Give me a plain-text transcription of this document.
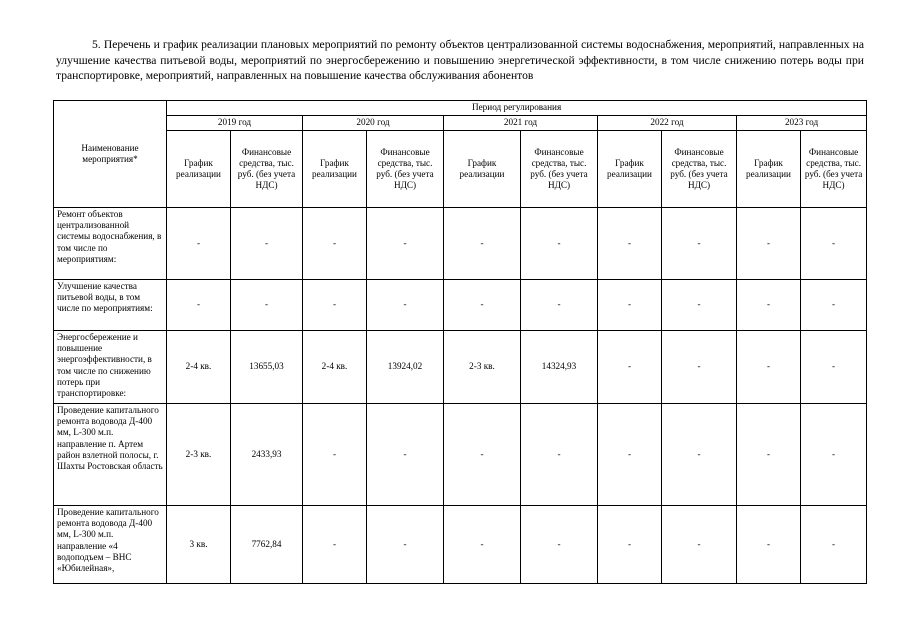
5. Перечень и график реализации плановых мероприятий по ремонту объектов централизованной системы водоснабжения, мероприятий, направленных на улучшение качества питьевой воды, мероприятий по энергосбережению и повышению энергетической эффективности, в том числе снижению потерь воды при транспортировке, мероприятий, направленных на повышение качества обслуживания абонентов

Наименование мероприятия*	Период регулирования									
	2019 год		2020 год		2021 год		2022 год		2023 год	
	График реализации	Финансовые средства, тыс. руб. (без учета НДС)	График реализации	Финансовые средства, тыс. руб. (без учета НДС)	График реализации	Финансовые средства, тыс. руб. (без учета НДС)	График реализации	Финансовые средства, тыс. руб. (без учета НДС)	График реализации	Финансовые средства, тыс. руб. (без учета НДС)
Ремонт объектов централизованной системы водоснабжения, в том числе по мероприятиям:	-	-	-	-	-	-	-	-	-	-
Улучшение качества питьевой воды, в том числе по мероприятиям:	-	-	-	-	-	-	-	-	-	-
Энергосбережение и повышение энергоэффективности, в том числе по снижению потерь при транспортировке:	2-4 кв.	13655,03	2-4 кв.	13924,02	2-3 кв.	14324,93	-	-	-	-
Проведение капитального ремонта водовода Д-400 мм, L-300 м.п. направление п. Артем район взлетной полосы, г. Шахты Ростовская область	2-3 кв.	2433,93	-	-	-	-	-	-	-	-
Проведение капитального ремонта водовода Д-400 мм, L-300 м.п. направление «4 водоподъем – ВНС «Юбилейная»,	3 кв.	7762,84	-	-	-	-	-	-	-	-
